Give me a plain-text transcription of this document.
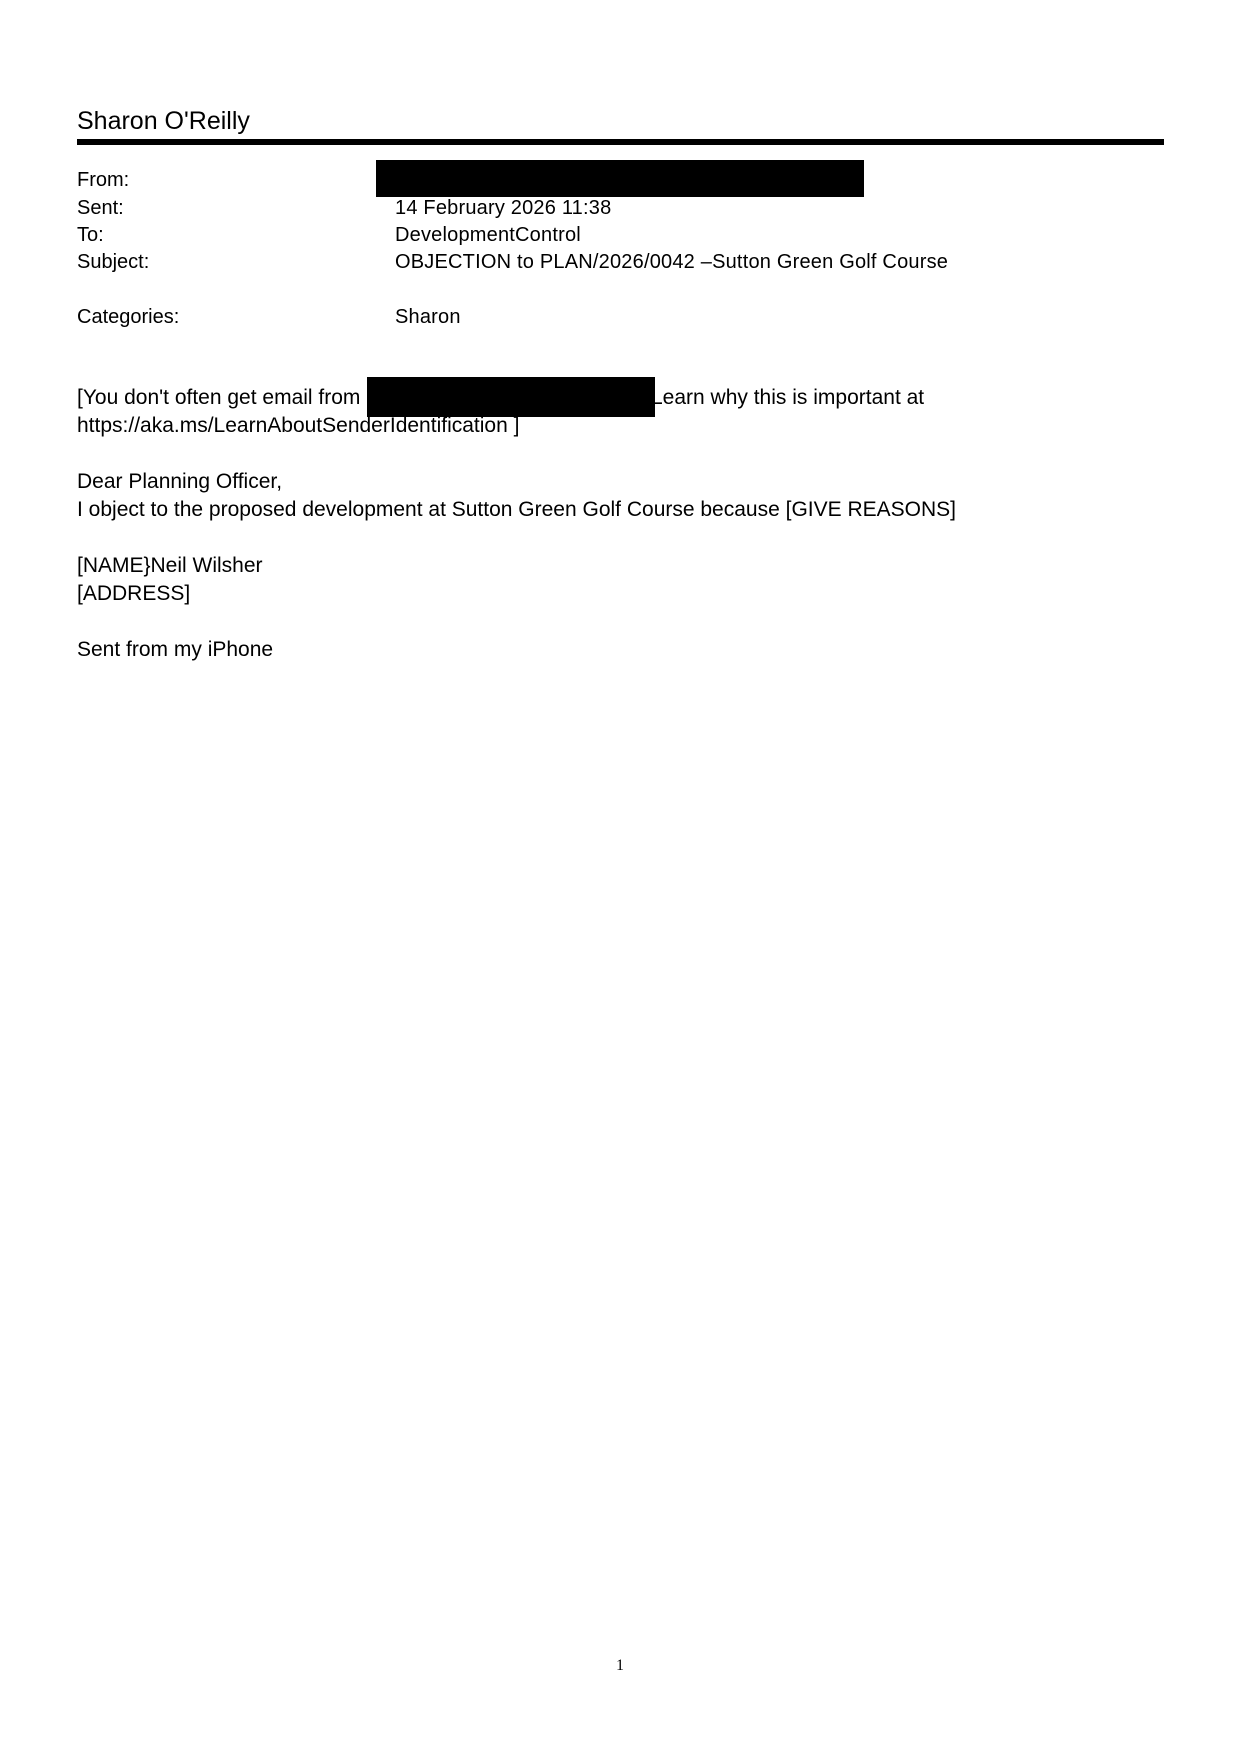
Sharon O'Reilly
From:
Sent:	14 February 2026 11:38
To:	DevelopmentControl
Subject:	OBJECTION to PLAN/2026/0042 –Sutton Green Golf Course
Categories:	Sharon
[You don't often get email from	Learn why this is important at
https://aka.ms/LearnAboutSenderIdentification ]
Dear Planning Officer,
I object to the proposed development at Sutton Green Golf Course because [GIVE REASONS]
[NAME}Neil Wilsher
[ADDRESS]
Sent from my iPhone
1
